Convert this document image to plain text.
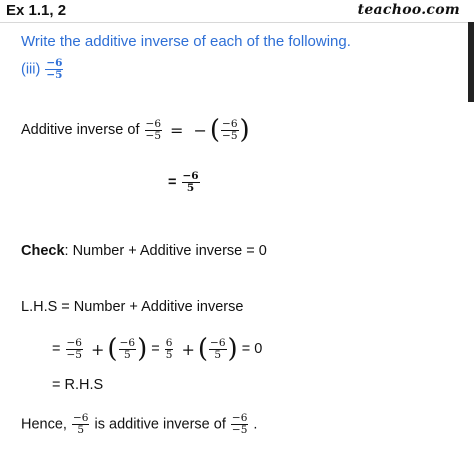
Ex 1.1, 2	teachoo.com
Write the additive inverse of each of the following.
$(iii) \frac{-6}{-5}$
Additive inverse of $\frac{-6}{-5}$ = − ( $\frac{-6}{-5}$ )
= $\frac{-6}{5}$
Check: Number + Additive inverse = 0
L.H.S = Number + Additive inverse
= $\frac{-6}{-5}$ + ( $\frac{-6}{5}$ ) = $\frac{6}{5}$ + ( $\frac{-6}{5}$ ) = 0
= R.H.S
Hence, $\frac{-6}{5}$ is additive inverse of $\frac{-6}{-5}$ .
